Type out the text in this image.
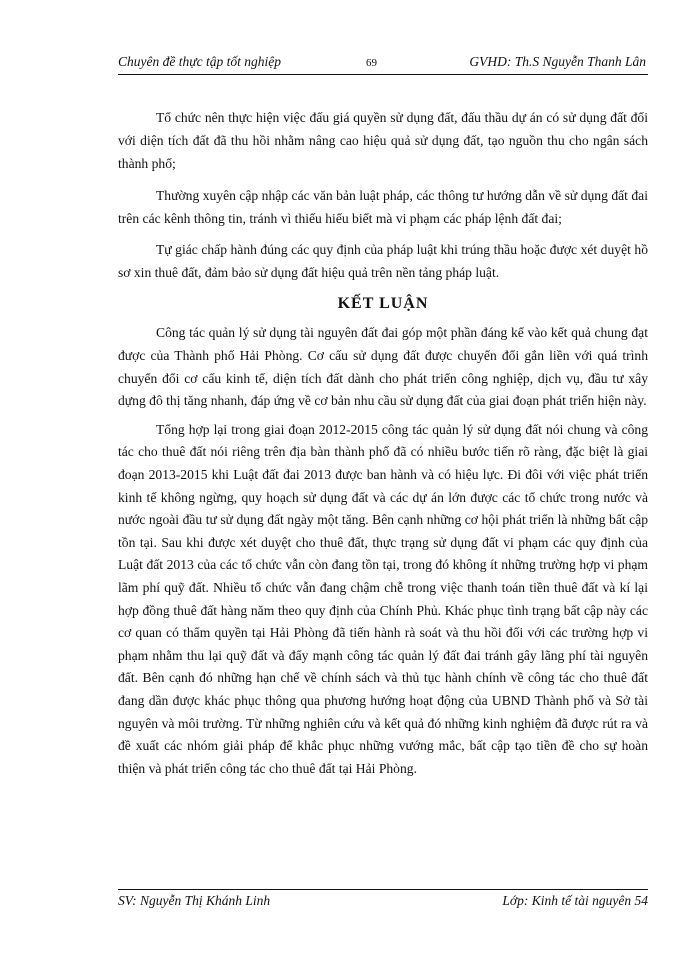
Chuyên đề thực tập tốt nghiệp	69	GVHD: Th.S Nguyễn Thanh Lân

Tổ chức nên thực hiện việc đấu giá quyền sử dụng đất, đấu thầu dự án có sử dụng đất đối với diện tích đất đã thu hồi nhằm nâng cao hiệu quả sử dụng đất, tạo nguồn thu cho ngân sách thành phố;

Thường xuyên cập nhập các văn bản luật pháp, các thông tư hướng dẫn về sử dụng đất đai trên các kênh thông tin, tránh vì thiếu hiểu biết mà vi phạm các pháp lệnh đất đai;

Tự giác chấp hành đúng các quy định của pháp luật khi trúng thầu hoặc được xét duyệt hồ sơ xin thuê đất, đảm bảo sử dụng đất hiệu quả trên nền tảng pháp luật.

KẾT LUẬN

Công tác quản lý sử dụng tài nguyên đất đai góp một phần đáng kể vào kết quả chung đạt được của Thành phố Hải Phòng. Cơ cấu sử dụng đất được chuyển đổi gắn liền với quá trình chuyển đổi cơ cấu kinh tế, diện tích đất dành cho phát triển công nghiệp, dịch vụ, đầu tư xây dựng đô thị tăng nhanh, đáp ứng về cơ bản nhu cầu sử dụng đất của giai đoạn phát triển hiện này.

Tổng hợp lại trong giai đoạn 2012-2015 công tác quản lý sử dụng đất nói chung và công tác cho thuê đất nói riêng trên địa bàn thành phố đã có nhiều bước tiến rõ ràng, đặc biệt là giai đoạn 2013-2015 khi Luật đất đai 2013 được ban hành và có hiệu lực. Đi đôi với việc phát triển kinh tế không ngừng, quy hoạch sử dụng đất và các dự án lớn được các tổ chức trong nước và nước ngoài đầu tư sử dụng đất ngày một tăng. Bên cạnh những cơ hội phát triển là những bất cập tồn tại. Sau khi được xét duyệt cho thuê đất, thực trạng sử dụng đất vi phạm các quy định của Luật đất 2013 của các tổ chức vẫn còn đang tồn tại, trong đó không ít những trường hợp vi phạm lãm phí quỹ đất. Nhiều tổ chức vẫn đang chậm chễ trong việc thanh toán tiền thuê đất và kí lại hợp đồng thuê đất hàng năm theo quy định của Chính Phủ. Khác phục tình trạng bất cập này các cơ quan có thẩm quyền tại Hải Phòng đã tiến hành rà soát và thu hồi đối với các trường hợp vi phạm nhằm thu lại quỹ đất và đẩy mạnh công tác quản lý đất đai tránh gây lãng phí tài nguyên đất. Bên cạnh đó những hạn chế về chính sách và thủ tục hành chính về công tác cho thuê đất đang dần được khác phục thông qua phương hướng hoạt động của UBND Thành phố và Sở tài nguyên và môi trường. Từ những nghiên cứu và kết quả đó những kinh nghiệm đã được rút ra và đề xuất các nhóm giải pháp để khắc phục những vướng mắc, bất cập tạo tiền đề cho sự hoàn thiện và phát triển công tác cho thuê đất tại Hải Phòng.

SV: Nguyễn Thị Khánh Linh	Lớp: Kinh tế tài nguyên 54
